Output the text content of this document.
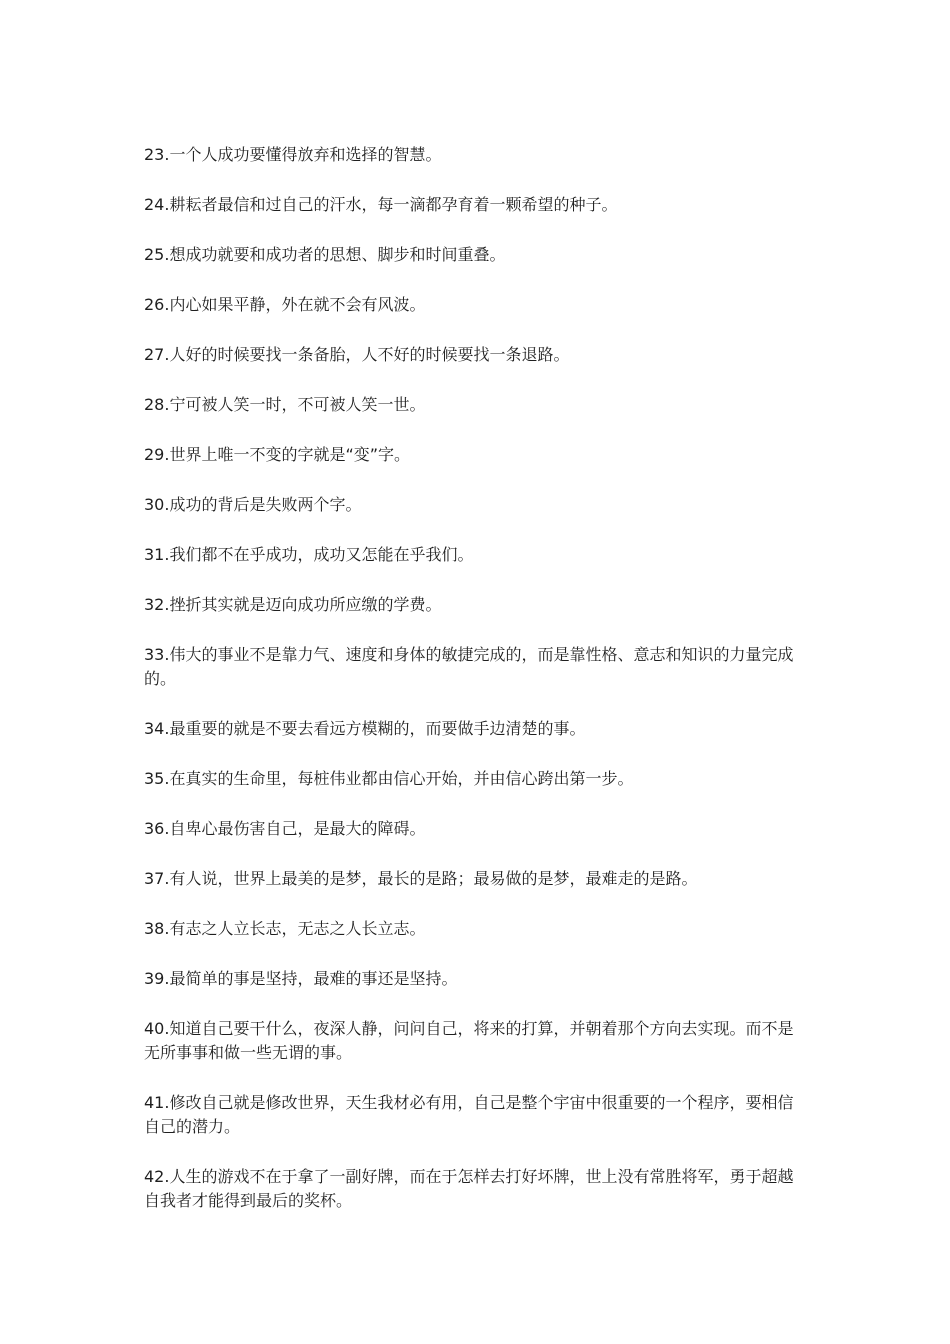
23.一个人成功要懂得放弃和选择的智慧。

24.耕耘者最信和过自己的汗水，每一滴都孕育着一颗希望的种子。

25.想成功就要和成功者的思想、脚步和时间重叠。

26.内心如果平静，外在就不会有风波。

27.人好的时候要找一条备胎，人不好的时候要找一条退路。

28.宁可被人笑一时，不可被人笑一世。

29.世界上唯一不变的字就是“变”字。

30.成功的背后是失败两个字。

31.我们都不在乎成功，成功又怎能在乎我们。

32.挫折其实就是迈向成功所应缴的学费。

33.伟大的事业不是靠力气、速度和身体的敏捷完成的，而是靠性格、意志和知识的力量完成的。

34.最重要的就是不要去看远方模糊的，而要做手边清楚的事。

35.在真实的生命里，每桩伟业都由信心开始，并由信心跨出第一步。

36.自卑心最伤害自己，是最大的障碍。

37.有人说，世界上最美的是梦，最长的是路；最易做的是梦，最难走的是路。

38.有志之人立长志，无志之人长立志。

39.最简单的事是坚持，最难的事还是坚持。

40.知道自己要干什么，夜深人静，问问自己，将来的打算，并朝着那个方向去实现。而不是无所事事和做一些无谓的事。

41.修改自己就是修改世界，天生我材必有用，自己是整个宇宙中很重要的一个程序，要相信自己的潜力。

42.人生的游戏不在于拿了一副好牌，而在于怎样去打好坏牌，世上没有常胜将军，勇于超越自我者才能得到最后的奖杯。
